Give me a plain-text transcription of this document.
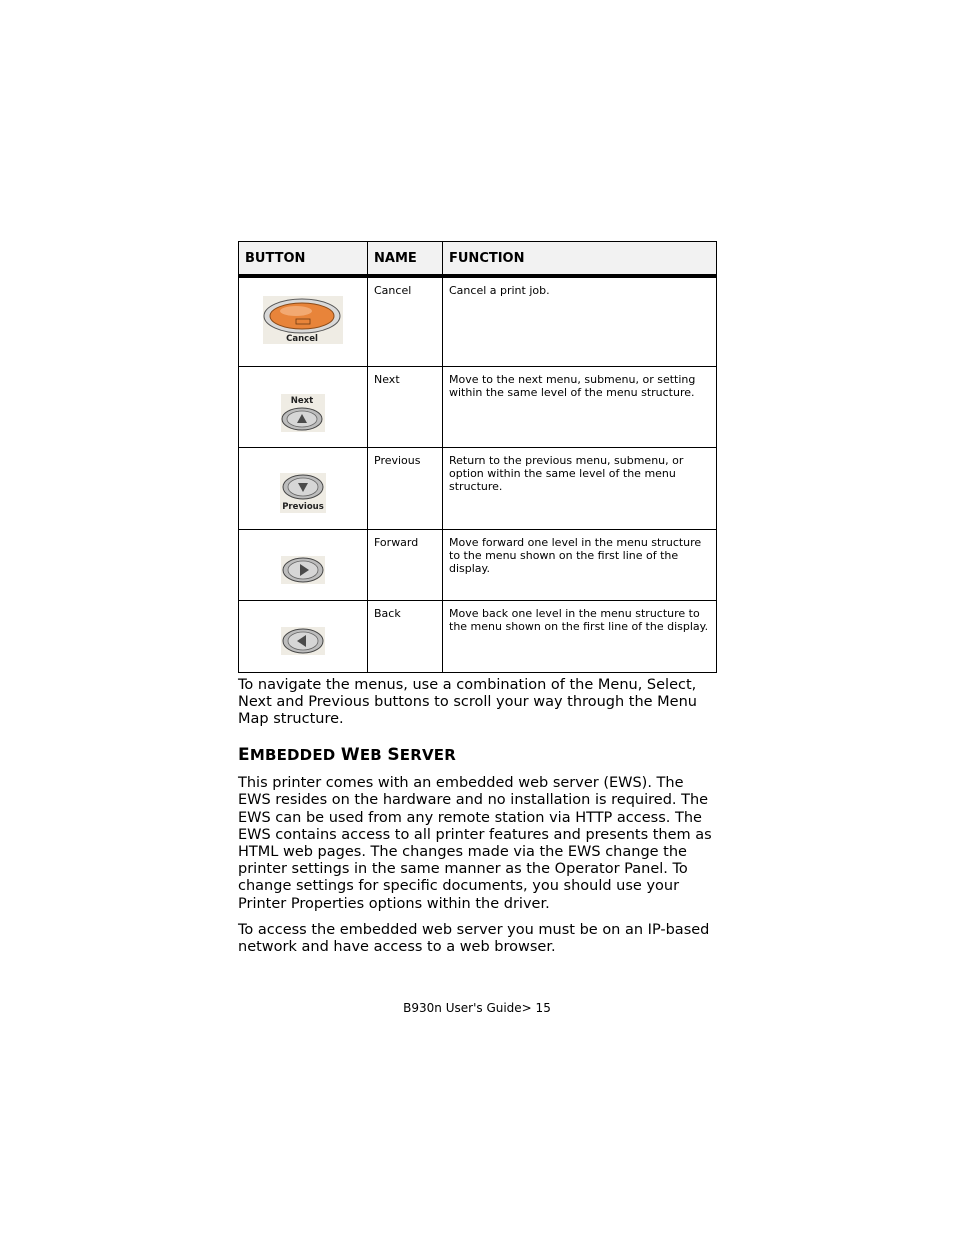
BUTTON	NAME	FUNCTION

Cancel	Cancel	Cancel a print job.

Next	Next	Move to the next menu, submenu, or setting within the same level of the menu structure.

Previous	Previous	Return to the previous menu, submenu, or option within the same level of the menu structure.

	Forward	Move forward one level in the menu structure to the menu shown on the first line of the display.

	Back	Move back one level in the menu structure to the menu shown on the first line of the display.

To navigate the menus, use a combination of the Menu, Select, Next and Previous buttons to scroll your way through the Menu Map structure.

EMBEDDED WEB SERVER

This printer comes with an embedded web server (EWS). The EWS resides on the hardware and no installation is required. The EWS can be used from any remote station via HTTP access. The EWS contains access to all printer features and presents them as HTML web pages. The changes made via the EWS change the printer settings in the same manner as the Operator Panel. To change settings for specific documents, you should use your Printer Properties options within the driver.

To access the embedded web server you must be on an IP-based network and have access to a web browser.

B930n User's Guide> 15
